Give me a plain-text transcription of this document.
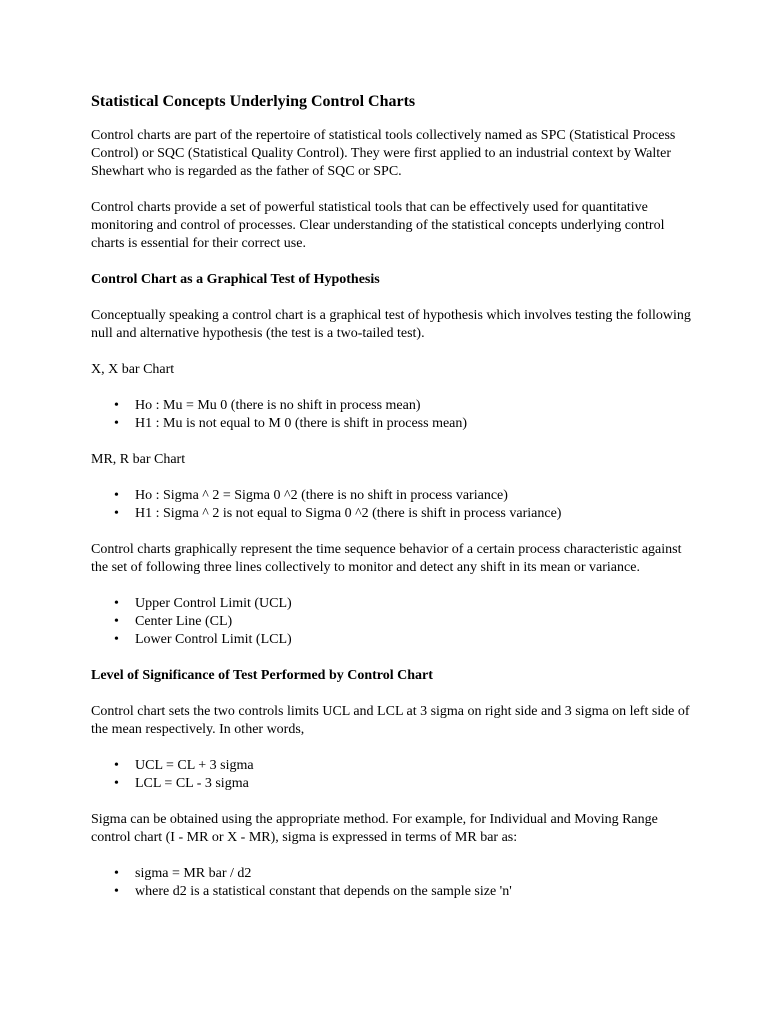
Statistical Concepts Underlying Control Charts

Control charts are part of the repertoire of statistical tools collectively named as SPC (Statistical Process Control) or SQC (Statistical Quality Control). They were first applied to an industrial context by Walter Shewhart who is regarded as the father of SQC or SPC.

Control charts provide a set of powerful statistical tools that can be effectively used for quantitative monitoring and control of processes. Clear understanding of the statistical concepts underlying control charts is essential for their correct use.

Control Chart as a Graphical Test of Hypothesis

Conceptually speaking a control chart is a graphical test of hypothesis which involves testing the following null and alternative hypothesis (the test is a two-tailed test).

X, X bar Chart

• Ho : Mu = Mu 0 (there is no shift in process mean)
• H1 : Mu is not equal to M 0 (there is shift in process mean)

MR, R bar Chart

• Ho : Sigma ^ 2 = Sigma 0 ^2 (there is no shift in process variance)
• H1 : Sigma ^ 2 is not equal to Sigma 0 ^2 (there is shift in process variance)

Control charts graphically represent the time sequence behavior of a certain process characteristic against the set of following three lines collectively to monitor and detect any shift in its mean or variance.

• Upper Control Limit (UCL)
• Center Line (CL)
• Lower Control Limit (LCL)
Level of Significance of Test Performed by Control Chart

Control chart sets the two controls limits UCL and LCL at 3 sigma on right side and 3 sigma on left side of the mean respectively. In other words,

• UCL = CL + 3 sigma
• LCL = CL - 3 sigma

Sigma can be obtained using the appropriate method. For example, for Individual and Moving Range control chart (I - MR or X - MR), sigma is expressed in terms of MR bar as:

• sigma = MR bar / d2
• where d2 is a statistical constant that depends on the sample size 'n'
